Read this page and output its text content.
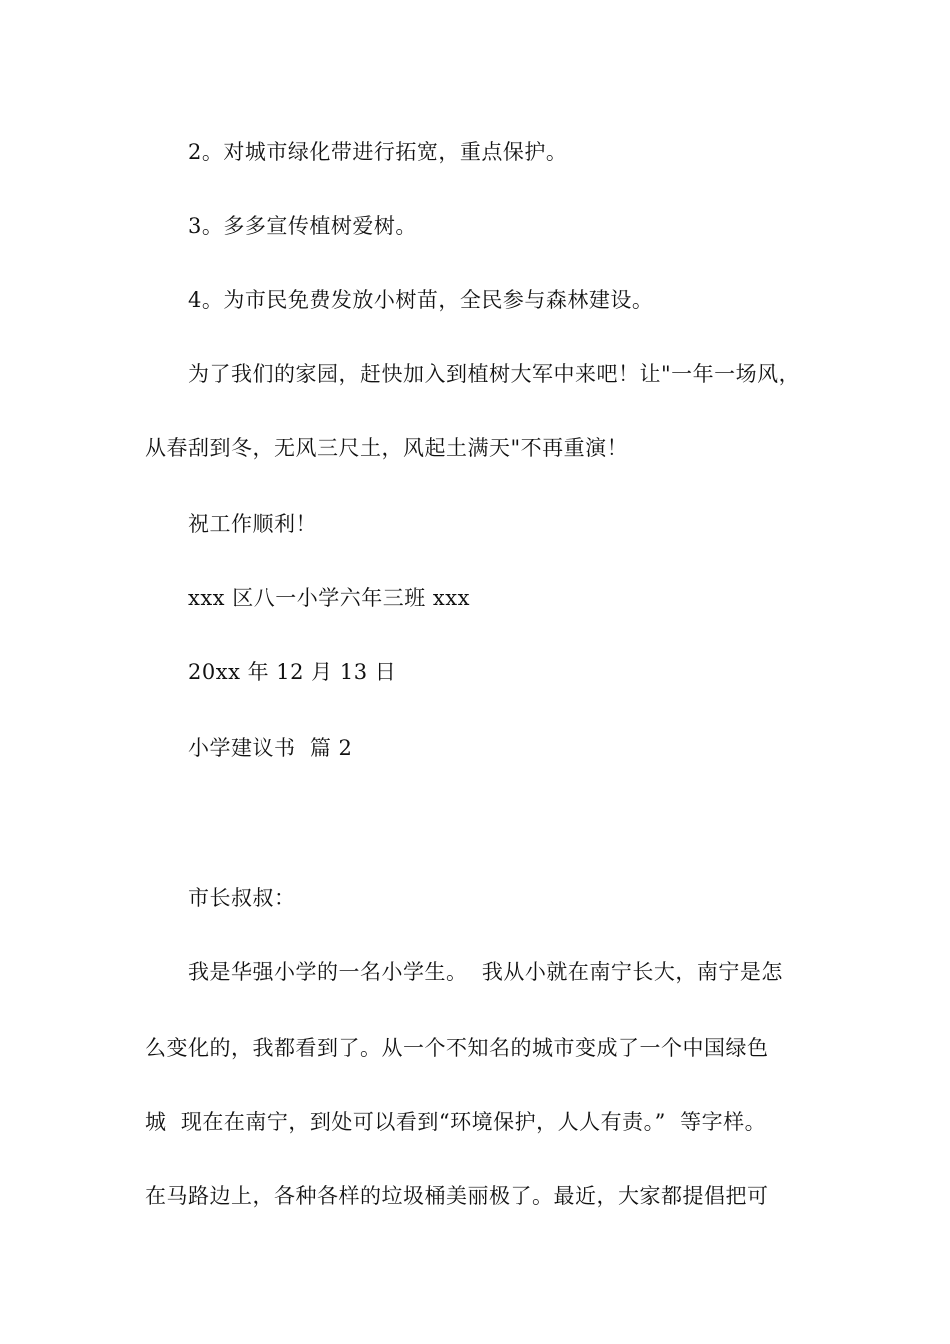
2。对城市绿化带进行拓宽，重点保护。
3。多多宣传植树爱树。
4。为市民免费发放小树苗，全民参与森林建设。
为了我们的家园，赶快加入到植树大军中来吧！让"一年一场风，
从春刮到冬，无风三尺土，风起土满天"不再重演！
祝工作顺利！
xxx 区八一小学六年三班 xxx
20xx 年 12 月 13 日
小学建议书  篇 2
市长叔叔：
我是华强小学的一名小学生。  我从小就在南宁长大，南宁是怎
么变化的，我都看到了。从一个不知名的城市变成了一个中国绿色
城  现在在南宁，到处可以看到“环境保护，人人有责。”  等字样。
在马路边上，各种各样的垃圾桶美丽极了。最近，大家都提倡把可
